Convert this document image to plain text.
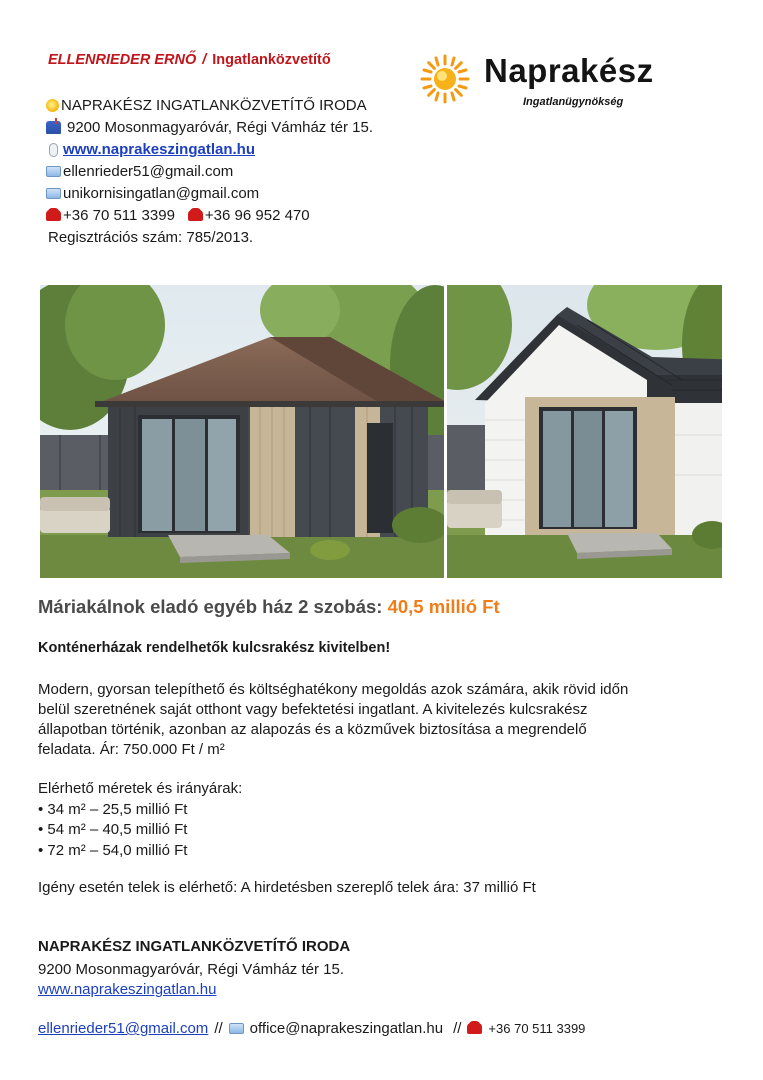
ELLENRIEDER ERNŐ / Ingatlanközvetítő
NAPRAKÉSZ INGATLANKÖZVETÍTŐ IRODA
9200 Mosonmagyaróvár, Régi Vámház tér 15.
www.naprakeszingatlan.hu
ellenrieder51@gmail.com
unikornisingatlan@gmail.com
+36 70 511 3399 +36 96 952 470
Regisztrációs szám: 785/2013.
Naprakész
Ingatlanügynökség
Máriakálnok eladó egyéb ház 2 szobás: 40,5 millió Ft
Konténerházak rendelhetők kulcsrakész kivitelben!
Modern, gyorsan telepíthető és költséghatékony megoldás azok számára, akik rövid időn
belül szeretnének saját otthont vagy befektetési ingatlant. A kivitelezés kulcsrakész
állapotban történik, azonban az alapozás és a közművek biztosítása a megrendelő
feladata. Ár: 750.000 Ft / m²
Elérhető méretek és irányárak:
• 34 m² – 25,5 millió Ft
• 54 m² – 40,5 millió Ft
• 72 m² – 54,0 millió Ft
Igény esetén telek is elérhető: A hirdetésben szereplő telek ára: 37 millió Ft
NAPRAKÉSZ INGATLANKÖZVETÍTŐ IRODA
9200 Mosonmagyaróvár, Régi Vámház tér 15.
www.naprakeszingatlan.hu
ellenrieder51@gmail.com // office@naprakeszingatlan.hu // +36 70 511 3399
